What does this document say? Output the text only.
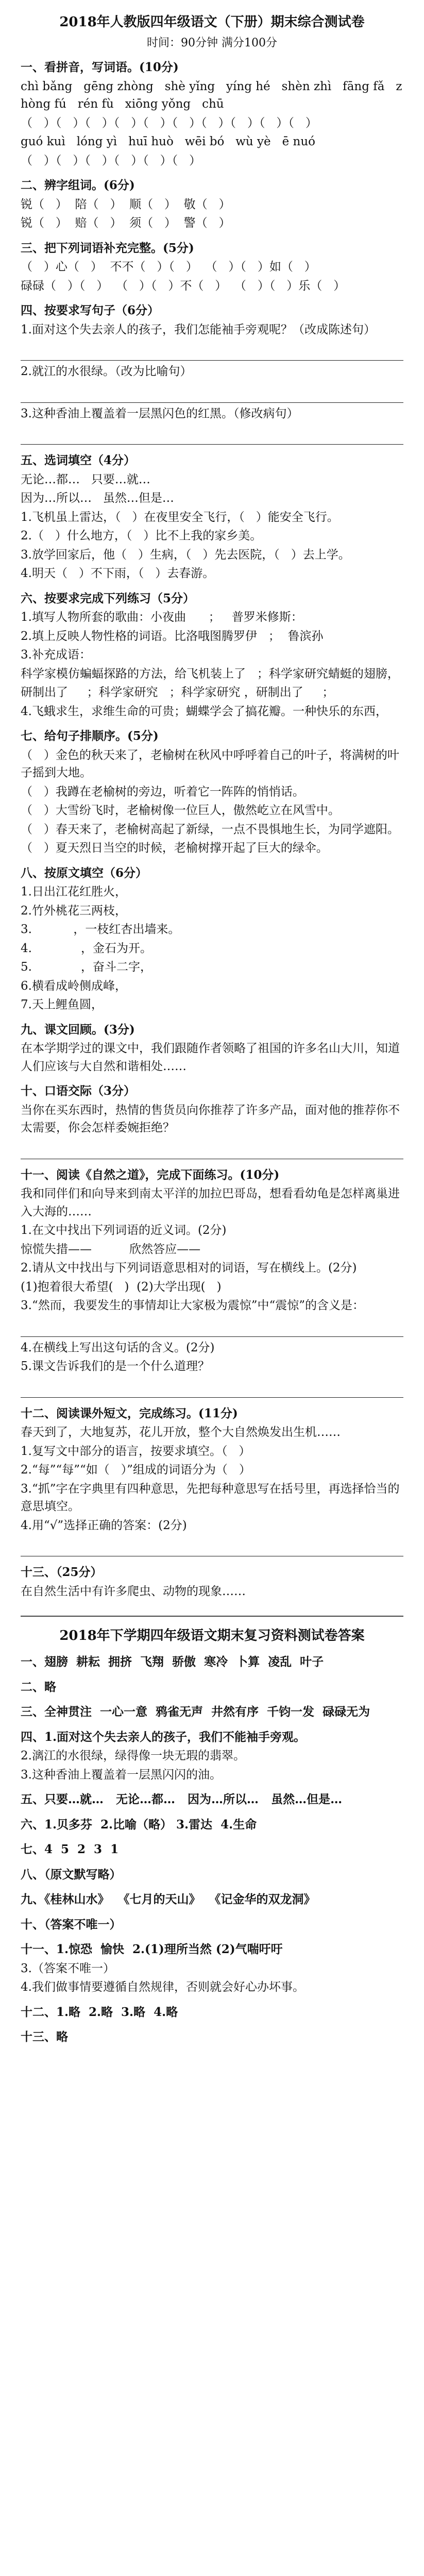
2018年人教版四年级语文（下册）期末综合测试卷
时间：90分钟 满分100分
一、看拼音，写词语。(10分)
chì bǎng   gēng zhòng   shè yǐng   yíng hé   shèn zhì   fāng fǎ   zhòng fú   rén fù   xiōng yǒng   chū
（   ）（   ）（   ）（   ）（   ）（   ）（   ）（   ）（   ）（   ）
guó kuì   lóng yì   huī huò   wēi bó   wù yè   ē nuó
（   ）（   ）（   ）（   ）（   ）（   ）
二、辨字组词。(6分)
锐（   ）  陪（   ）  顺（   ）  敬（   ）
锐（   ）  赔（   ）  须（   ）  警（   ）
三、把下列词语补充完整。(5分)
（   ）心（   ）  不不（   ）（   ）  （   ）（   ）如（   ）
碌碌（   ）（   ）  （   ）（   ）不（   ）  （   ）（   ）乐（   ）
四、按要求写句子（6分）
1.面对这个失去亲人的孩子，我们怎能袖手旁观呢？（改成陈述句）
2.就江的水很绿。（改为比喻句）
3.这种香油上覆盖着一层黑闪色的红黑。（修改病句）
五、选词填空（4分）
无论…都…   只要…就…
因为…所以…   虽然…但是…
1.飞机虽上雷达，（   ）在夜里安全飞行，（   ）能安全飞行。
2.（   ）什么地方，（   ）比不上我的家乡美。
3.放学回家后，他（   ）生病，（   ）先去医院，（   ）去上学。
4.明天（   ）不下雨，（   ）去春游。
六、按要求完成下列练习（5分）
1.填写人物所套的歌曲：小夜曲      ；   普罗米修斯：
2.填上反映人物性格的词语。比洛哦图腾罗伊   ；  鲁滨孙
3.补充成语：
科学家模仿蝙蝠探路的方法，给飞机装上了   ；科学家研究蜻蜓的翅膀，
研制出了     ；科学家研究   ；科学家研究 ，研制出了     ；
4.飞蛾求生，求维生命的可贵；蝴蝶学会了搞花瓣。一种快乐的东西，
七、给句子排顺序。(5分)
（   ）金色的秋天来了，老榆树在秋风中呼呼着自己的叶子，将满树的叶子摇到大地。
（   ）我蹲在老榆树的旁边，听着它一阵阵的悄悄话。
（   ）大雪纷飞时，老榆树像一位巨人，傲然屹立在风雪中。
（   ）春天来了，老榆树高起了新绿，一点不畏惧地生长，为同学遮阳。
（   ）夏天烈日当空的时候，老榆树撑开起了巨大的绿伞。
八、按原文填空（6分）
1.日出江花红胜火，
2.竹外桃花三两枝，
3.           ，一枝红杏出墙来。
4.             ，金石为开。
5.             ，奋斗二字，
6.横看成岭侧成峰，
7.天上鲤鱼圆，
九、课文回顾。(3分)
在本学期学过的课文中，我们跟随作者领略了祖国的许多名山大川，知道人们应该与大自然和谐相处……
十、口语交际（3分）
当你在买东西时，热情的售货员向你推荐了许多产品，面对他的推荐你不太需要，你会怎样委婉拒绝？
十一、阅读《自然之道》，完成下面练习。(10分)
我和同伴们和向导来到南太平洋的加拉巴哥岛，想看看幼龟是怎样离巢进入大海的……
1.在文中找出下列词语的近义词。(2分)
惊慌失措——          欣然答应——
2.请从文中找出与下列词语意思相对的词语，写在横线上。(2分)
(1)抱着很大希望(   )  (2)大学出现(   )
3.“然而，我要发生的事情却让大家极为震惊”中“震惊”的含义是：
4.在横线上写出这句话的含义。(2分)
5.课文告诉我们的是一个什么道理？
十二、阅读课外短文，完成练习。(11分)
春天到了，大地复苏，花儿开放，整个大自然焕发出生机……
1.复写文中部分的语言，按要求填空。（   ）
2.“每”“每”“如（   ）”组成的词语分为（   ）
3.“抓”字在字典里有四种意思，先把每种意思写在括号里，再选择恰当的意思填空。
4.用“√”选择正确的答案：(2分)
十三、（25分）
在自然生活中有许多爬虫、动物的现象……
2018年下学期四年级语文期末复习资料测试卷答案
一、翅膀  耕耘  拥挤  飞翔  骄傲  寒冷  卜算  凌乱  叶子
二、略
三、全神贯注  一心一意  鸦雀无声  井然有序  千钧一发  碌碌无为
四、1.面对这个失去亲人的孩子，我们不能袖手旁观。
2.漓江的水很绿，绿得像一块无瑕的翡翠。
3.这种香油上覆盖着一层黑闪闪的油。
五、只要…就…   无论…都…   因为…所以…   虽然…但是…
六、1.贝多芬  2.比喻（略） 3.雷达  4.生命
七、4  5  2  3  1
八、（原文默写略）
九、《桂林山水》  《七月的天山》  《记金华的双龙洞》
十、（答案不唯一）
十一、1.惊恐  愉快  2.(1)理所当然 (2)气喘吁吁
3.（答案不唯一）
4.我们做事情要遵循自然规律，否则就会好心办坏事。
十二、1.略  2.略  3.略  4.略
十三、略
